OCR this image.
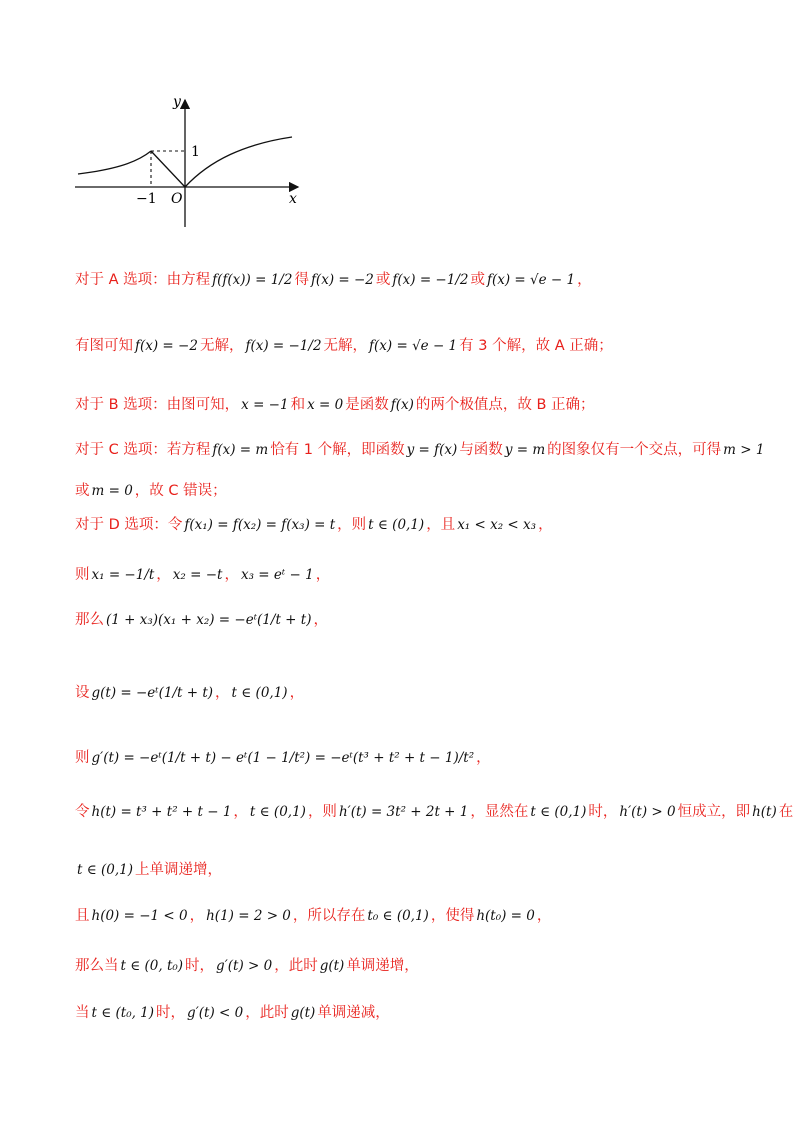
y
x
1
−1 O
对于 A 选项：由方程 f(f(x)) = 1/2 得 f(x) = −2 或 f(x) = −1/2 或 f(x) = √e − 1 ，
有图可知 f(x) = −2 无解， f(x) = −1/2 无解， f(x) = √e − 1 有 3 个解，故 A 正确；
对于 B 选项：由图可知， x = −1 和 x = 0 是函数 f(x) 的两个极值点，故 B 正确；
对于 C 选项：若方程 f(x) = m 恰有 1 个解，即函数 y = f(x) 与函数 y = m 的图象仅有一个交点，可得 m > 1
或 m = 0 ，故 C 错误；
对于 D 选项：令 f(x₁) = f(x₂) = f(x₃) = t ，则 t ∈ (0,1) ，且 x₁ < x₂ < x₃ ，
则 x₁ = −1/t ， x₂ = −t ， x₃ = eᵗ − 1 ，
那么 (1 + x₃)(x₁ + x₂) = −eᵗ(1/t + t) ，
设 g(t) = −eᵗ(1/t + t) ， t ∈ (0,1) ，
则 g′(t) = −eᵗ(1/t + t) − eᵗ(1 − 1/t²) = −eᵗ(t³ + t² + t − 1)/t² ，
令 h(t) = t³ + t² + t − 1 ， t ∈ (0,1) ，则 h′(t) = 3t² + 2t + 1 ，显然在 t ∈ (0,1) 时， h′(t) > 0 恒成立，即 h(t) 在
t ∈ (0,1) 上单调递增，
且 h(0) = −1 < 0 ， h(1) = 2 > 0 ，所以存在 t₀ ∈ (0,1) ，使得 h(t₀) = 0 ，
那么当 t ∈ (0, t₀) 时， g′(t) > 0 ，此时 g(t) 单调递增，
当 t ∈ (t₀, 1) 时， g′(t) < 0 ，此时 g(t) 单调递减，
